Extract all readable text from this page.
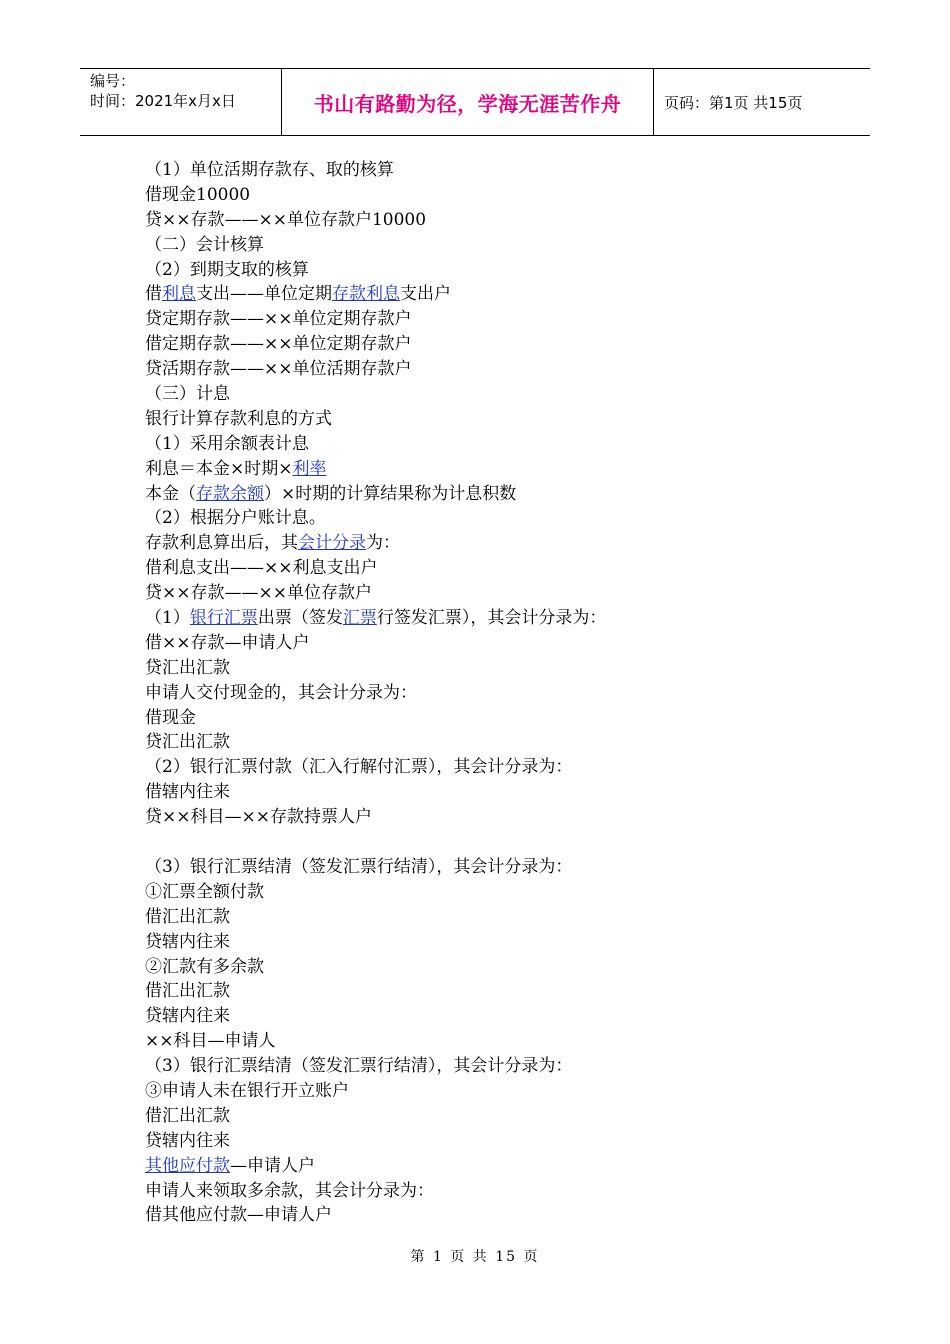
编号：
时间：2021年x月x日	书山有路勤为径，学海无涯苦作舟	页码：第1页 共15页
（1）单位活期存款存、取的核算
借现金10000
贷××存款——××单位存款户10000
（二）会计核算
（2）到期支取的核算
借利息支出——单位定期存款利息支出户
贷定期存款——××单位定期存款户
借定期存款——××单位定期存款户
贷活期存款——××单位活期存款户
（三）计息
银行计算存款利息的方式
（1）采用余额表计息
利息＝本金×时期×利率
本金（存款余额）×时期的计算结果称为计息积数
（2）根据分户账计息。
存款利息算出后，其会计分录为：
借利息支出——××利息支出户
贷××存款——××单位存款户
（1）银行汇票出票（签发汇票行签发汇票），其会计分录为：
借××存款—申请人户
贷汇出汇款
申请人交付现金的，其会计分录为：
借现金
贷汇出汇款
（2）银行汇票付款（汇入行解付汇票），其会计分录为：
借辖内往来
贷××科目—××存款持票人户
（3）银行汇票结清（签发汇票行结清），其会计分录为：
①汇票全额付款
借汇出汇款
贷辖内往来
②汇款有多余款
借汇出汇款
贷辖内往来
××科目—申请人
（3）银行汇票结清（签发汇票行结清），其会计分录为：
③申请人未在银行开立账户
借汇出汇款
贷辖内往来
其他应付款—申请人户
申请人来领取多余款，其会计分录为：
借其他应付款—申请人户
第 1 页 共 15 页
